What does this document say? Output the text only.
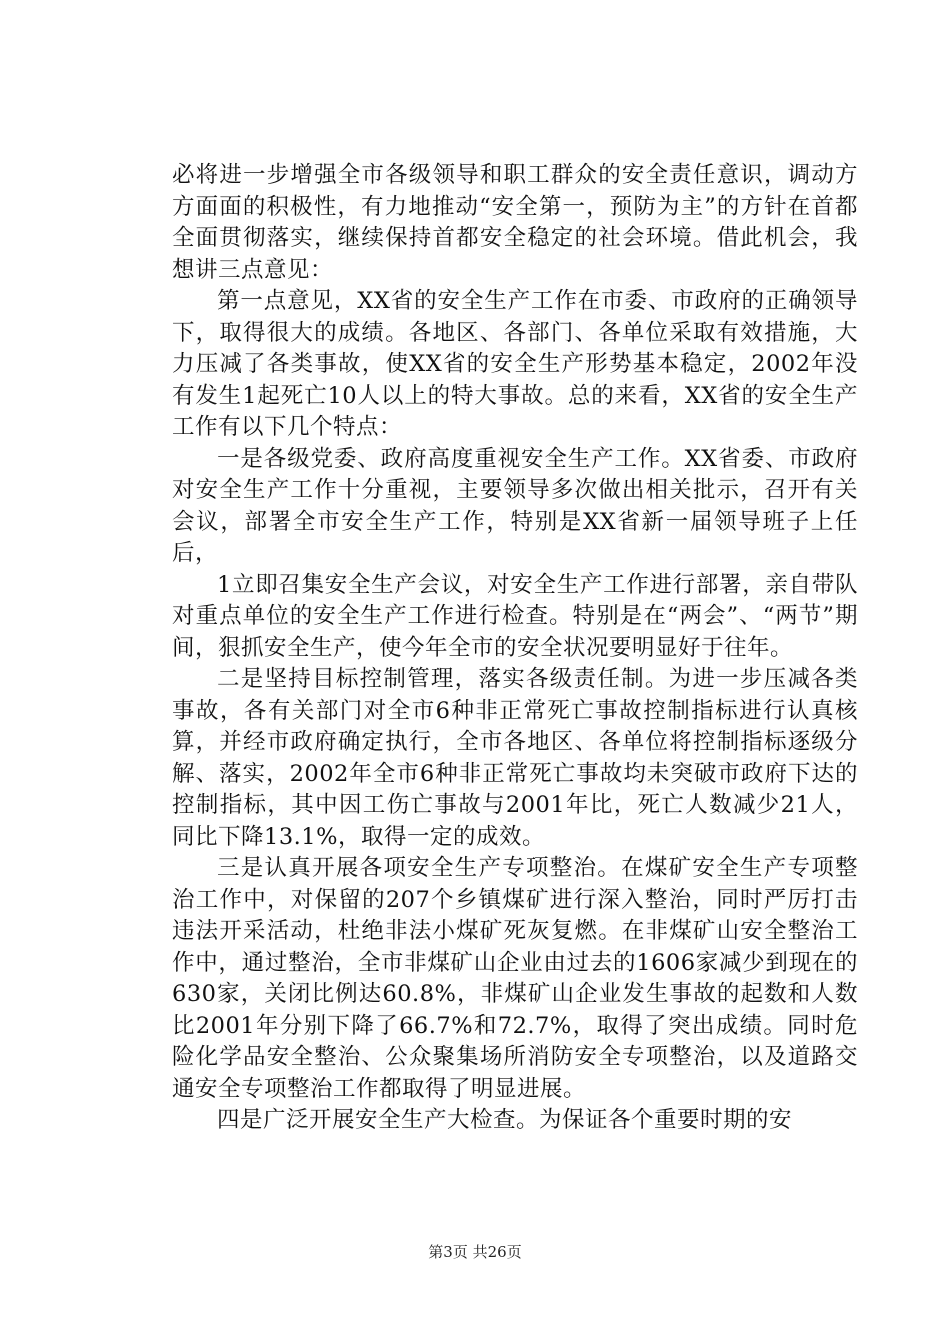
必将进一步增强全市各级领导和职工群众的安全责任意识，调动方方面面的积极性，有力地推动“安全第一，预防为主”的方针在首都全面贯彻落实，继续保持首都安全稳定的社会环境。借此机会，我想讲三点意见：

第一点意见，XX省的安全生产工作在市委、市政府的正确领导下，取得很大的成绩。各地区、各部门、各单位采取有效措施，大力压减了各类事故，使XX省的安全生产形势基本稳定，2002年没有发生1起死亡10人以上的特大事故。总的来看，XX省的安全生产工作有以下几个特点：

一是各级党委、政府高度重视安全生产工作。XX省委、市政府对安全生产工作十分重视，主要领导多次做出相关批示，召开有关会议，部署全市安全生产工作，特别是XX省新一届领导班子上任后，

1立即召集安全生产会议，对安全生产工作进行部署，亲自带队对重点单位的安全生产工作进行检查。特别是在“两会”、“两节”期间，狠抓安全生产，使今年全市的安全状况要明显好于往年。

二是坚持目标控制管理，落实各级责任制。为进一步压减各类事故，各有关部门对全市6种非正常死亡事故控制指标进行认真核算，并经市政府确定执行，全市各地区、各单位将控制指标逐级分解、落实，2002年全市6种非正常死亡事故均未突破市政府下达的控制指标，其中因工伤亡事故与2001年比，死亡人数减少21人，同比下降13.1%，取得一定的成效。

三是认真开展各项安全生产专项整治。在煤矿安全生产专项整治工作中，对保留的207个乡镇煤矿进行深入整治，同时严厉打击违法开采活动，杜绝非法小煤矿死灰复燃。在非煤矿山安全整治工作中，通过整治，全市非煤矿山企业由过去的1606家减少到现在的630家，关闭比例达60.8%，非煤矿山企业发生事故的起数和人数比2001年分别下降了66.7%和72.7%，取得了突出成绩。同时危险化学品安全整治、公众聚集场所消防安全专项整治，以及道路交通安全专项整治工作都取得了明显进展。

四是广泛开展安全生产大检查。为保证各个重要时期的安

第3页 共26页
